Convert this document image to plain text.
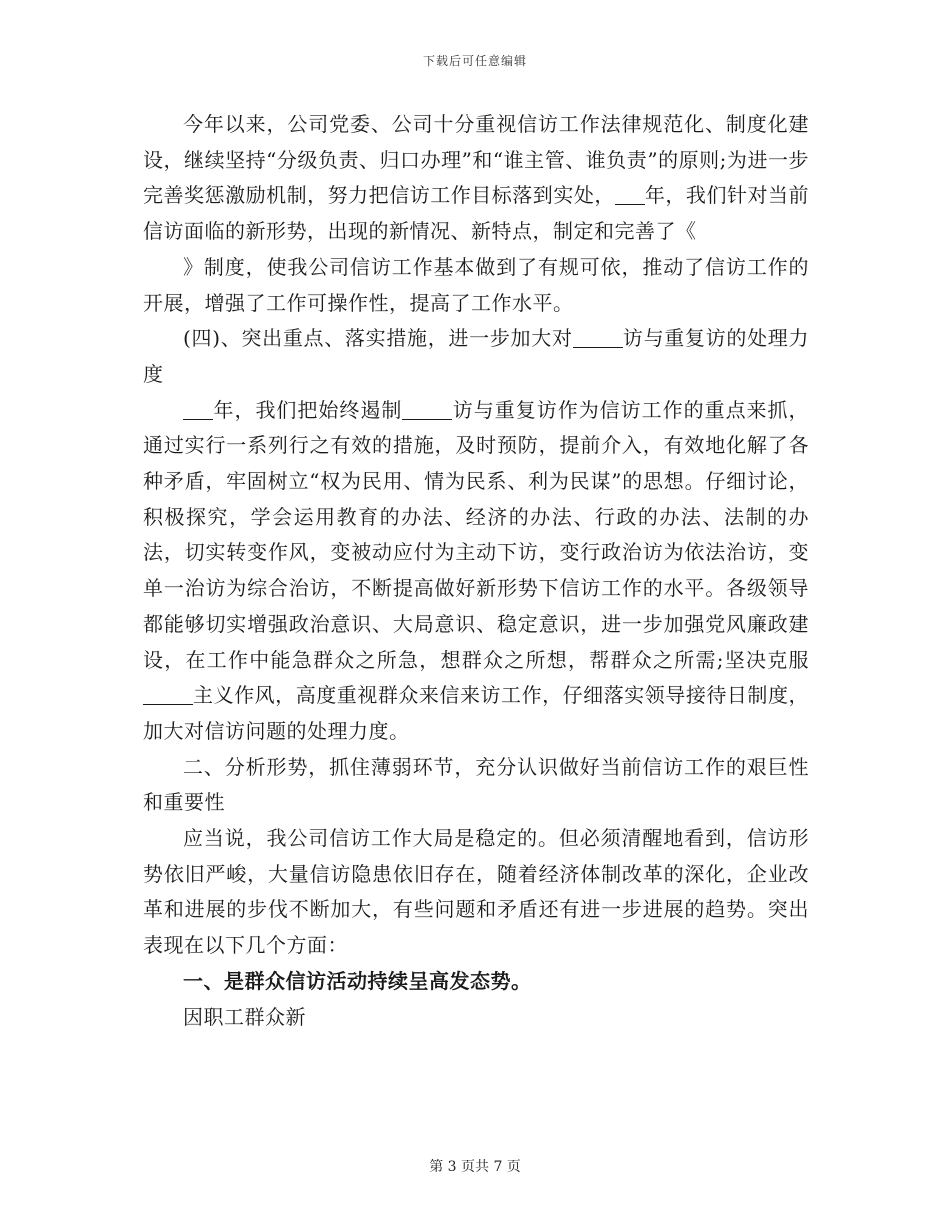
下载后可任意编辑

今年以来，公司党委、公司十分重视信访工作法律规范化、制度化建设，继续坚持“分级负责、归口办理”和“谁主管、谁负责”的原则;为进一步完善奖惩激励机制，努力把信访工作目标落到实处， 年，我们针对当前信访面临的新形势，出现的新情况、新特点，制定和完善了《

》制度，使我公司信访工作基本做到了有规可依，推动了信访工作的开展，增强了工作可操作性，提高了工作水平。

(四)、突出重点、落实措施，进一步加大对	访与重复访的处理力度

年，我们把始终遏制	访与重复访作为信访工作的重点来抓，通过实行一系列行之有效的措施，及时预防，提前介入，有效地化解了各种矛盾，牢固树立“权为民用、情为民系、利为民谋”的思想。仔细讨论，积极探究，学会运用教育的办法、经济的办法、行政的办法、法制的办法，切实转变作风，变被动应付为主动下访，变行政治访为依法治访，变单一治访为综合治访，不断提高做好新形势下信访工作的水平。各级领导都能够切实增强政治意识、大局意识、稳定意识，进一步加强党风廉政建设，在工作中能急群众之所急，想群众之所想，帮群众之所需;坚决克服主义作风，高度重视群众来信来访工作，仔细落实领导接待日制度，加大对信访问题的处理力度。

二、分析形势，抓住薄弱环节，充分认识做好当前信访工作的艰巨性和重要性

应当说，我公司信访工作大局是稳定的。但必须清醒地看到，信访形势依旧严峻，大量信访隐患依旧存在，随着经济体制改革的深化，企业改革和进展的步伐不断加大，有些问题和矛盾还有进一步进展的趋势。突出表现在以下几个方面：

一、是群众信访活动持续呈高发态势。

因职工群众新

第 3 页共 7 页
